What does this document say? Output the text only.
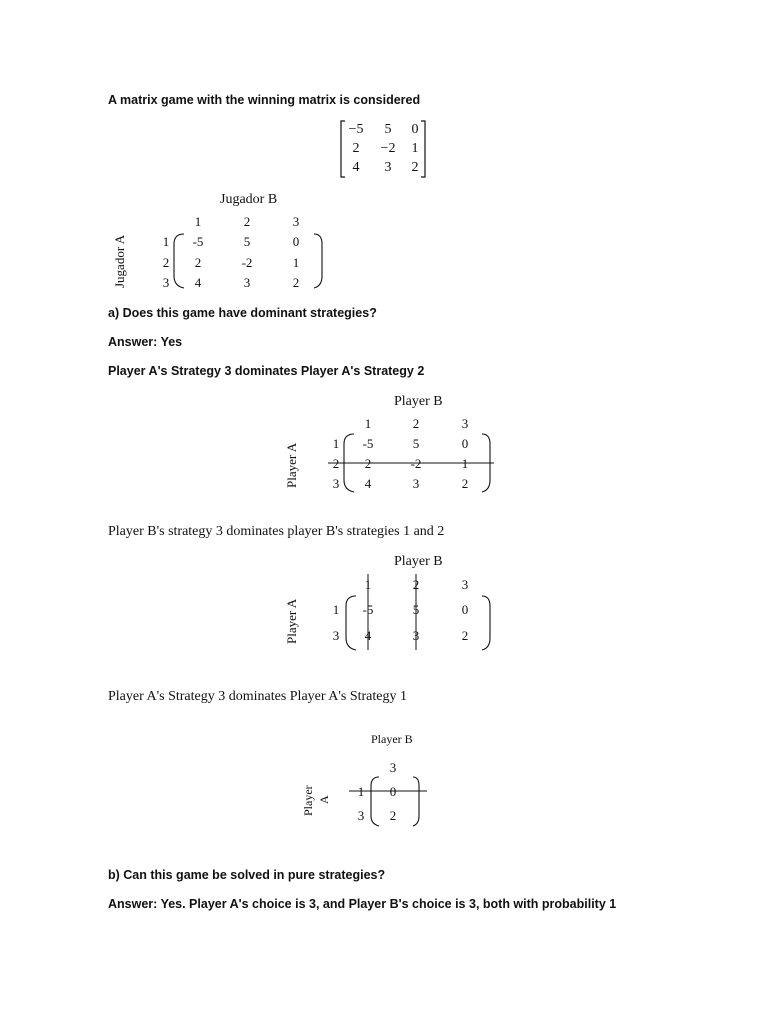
A matrix game with the winning matrix is considered
−5 5 0
2 −2 1
4 3 2
Jugador B
Jugador A
1	2	3
1 -5	5	0
2 2	-2	1
3 4	3	2
a) Does this game have dominant strategies?
Answer: Yes
Player A's Strategy 3 dominates Player A's Strategy 2
Player B
Player A
1	2	3
1 -5	5	0
2 2	-2	1
3 4	3	2
Player B's strategy 3 dominates player B's strategies 1 and 2
Player B
Player A
1	2	3
1 -5	5	0
3 4	3	2
Player A's Strategy 3 dominates Player A's Strategy 1
Player B
Player A
3
1 0
3 2
b) Can this game be solved in pure strategies?
Answer: Yes. Player A's choice is 3, and Player B's choice is 3, both with probability 1
